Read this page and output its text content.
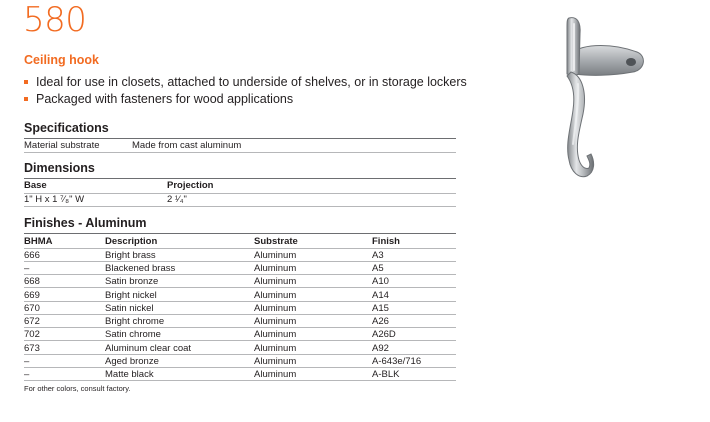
580
Ceiling hook
Ideal for use in closets, attached to underside of shelves, or in storage lockers
Packaged with fasteners for wood applications
Specifications
Material substrate	Made from cast aluminum
Dimensions
Base	Projection
1" H x 1 ⁷⁄₈" W	2 ¹⁄₄"
Finishes - Aluminum
BHMA	Description	Substrate	Finish
666	Bright brass	Aluminum	A3
–	Blackened brass	Aluminum	A5
668	Satin bronze	Aluminum	A10
669	Bright nickel	Aluminum	A14
670	Satin nickel	Aluminum	A15
672	Bright chrome	Aluminum	A26
702	Satin chrome	Aluminum	A26D
673	Aluminum clear coat	Aluminum	A92
–	Aged bronze	Aluminum	A-643e/716
–	Matte black	Aluminum	A-BLK
For other colors, consult factory.
